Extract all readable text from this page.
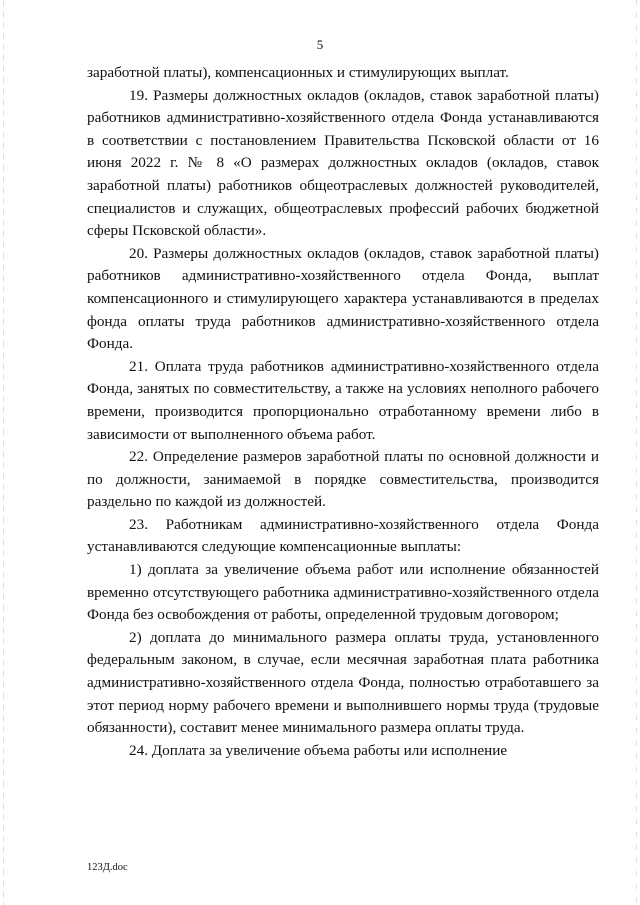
5

заработной платы), компенсационных и стимулирующих выплат.

19. Размеры должностных окладов (окладов, ставок заработной платы) работников административно-хозяйственного отдела Фонда устанавливаются в соответствии с постановлением Правительства Псковской области от 16 июня 2022 г. № 8 «О размерах должностных окладов (окладов, ставок заработной платы) работников общеотраслевых должностей руководителей, специалистов и служащих, общеотраслевых профессий рабочих бюджетной сферы Псковской области».

20. Размеры должностных окладов (окладов, ставок заработной платы) работников административно-хозяйственного отдела Фонда, выплат компенсационного и стимулирующего характера устанавливаются в пределах фонда оплаты труда работников административно-хозяйственного отдела Фонда.

21. Оплата труда работников административно-хозяйственного отдела Фонда, занятых по совместительству, а также на условиях неполного рабочего времени, производится пропорционально отработанному времени либо в зависимости от выполненного объема работ.

22. Определение размеров заработной платы по основной должности и по должности, занимаемой в порядке совместительства, производится раздельно по каждой из должностей.

23. Работникам административно-хозяйственного отдела Фонда устанавливаются следующие компенсационные выплаты:

1) доплата за увеличение объема работ или исполнение обязанностей временно отсутствующего работника административно-хозяйственного отдела Фонда без освобождения от работы, определенной трудовым договором;

2) доплата до минимального размера оплаты труда, установленного федеральным законом, в случае, если месячная заработная плата работника административно-хозяйственного отдела Фонда, полностью отработавшего за этот период норму рабочего времени и выполнившего нормы труда (трудовые обязанности), составит менее минимального размера оплаты труда.

24. Доплата за увеличение объема работы или исполнение

123Д.doc
